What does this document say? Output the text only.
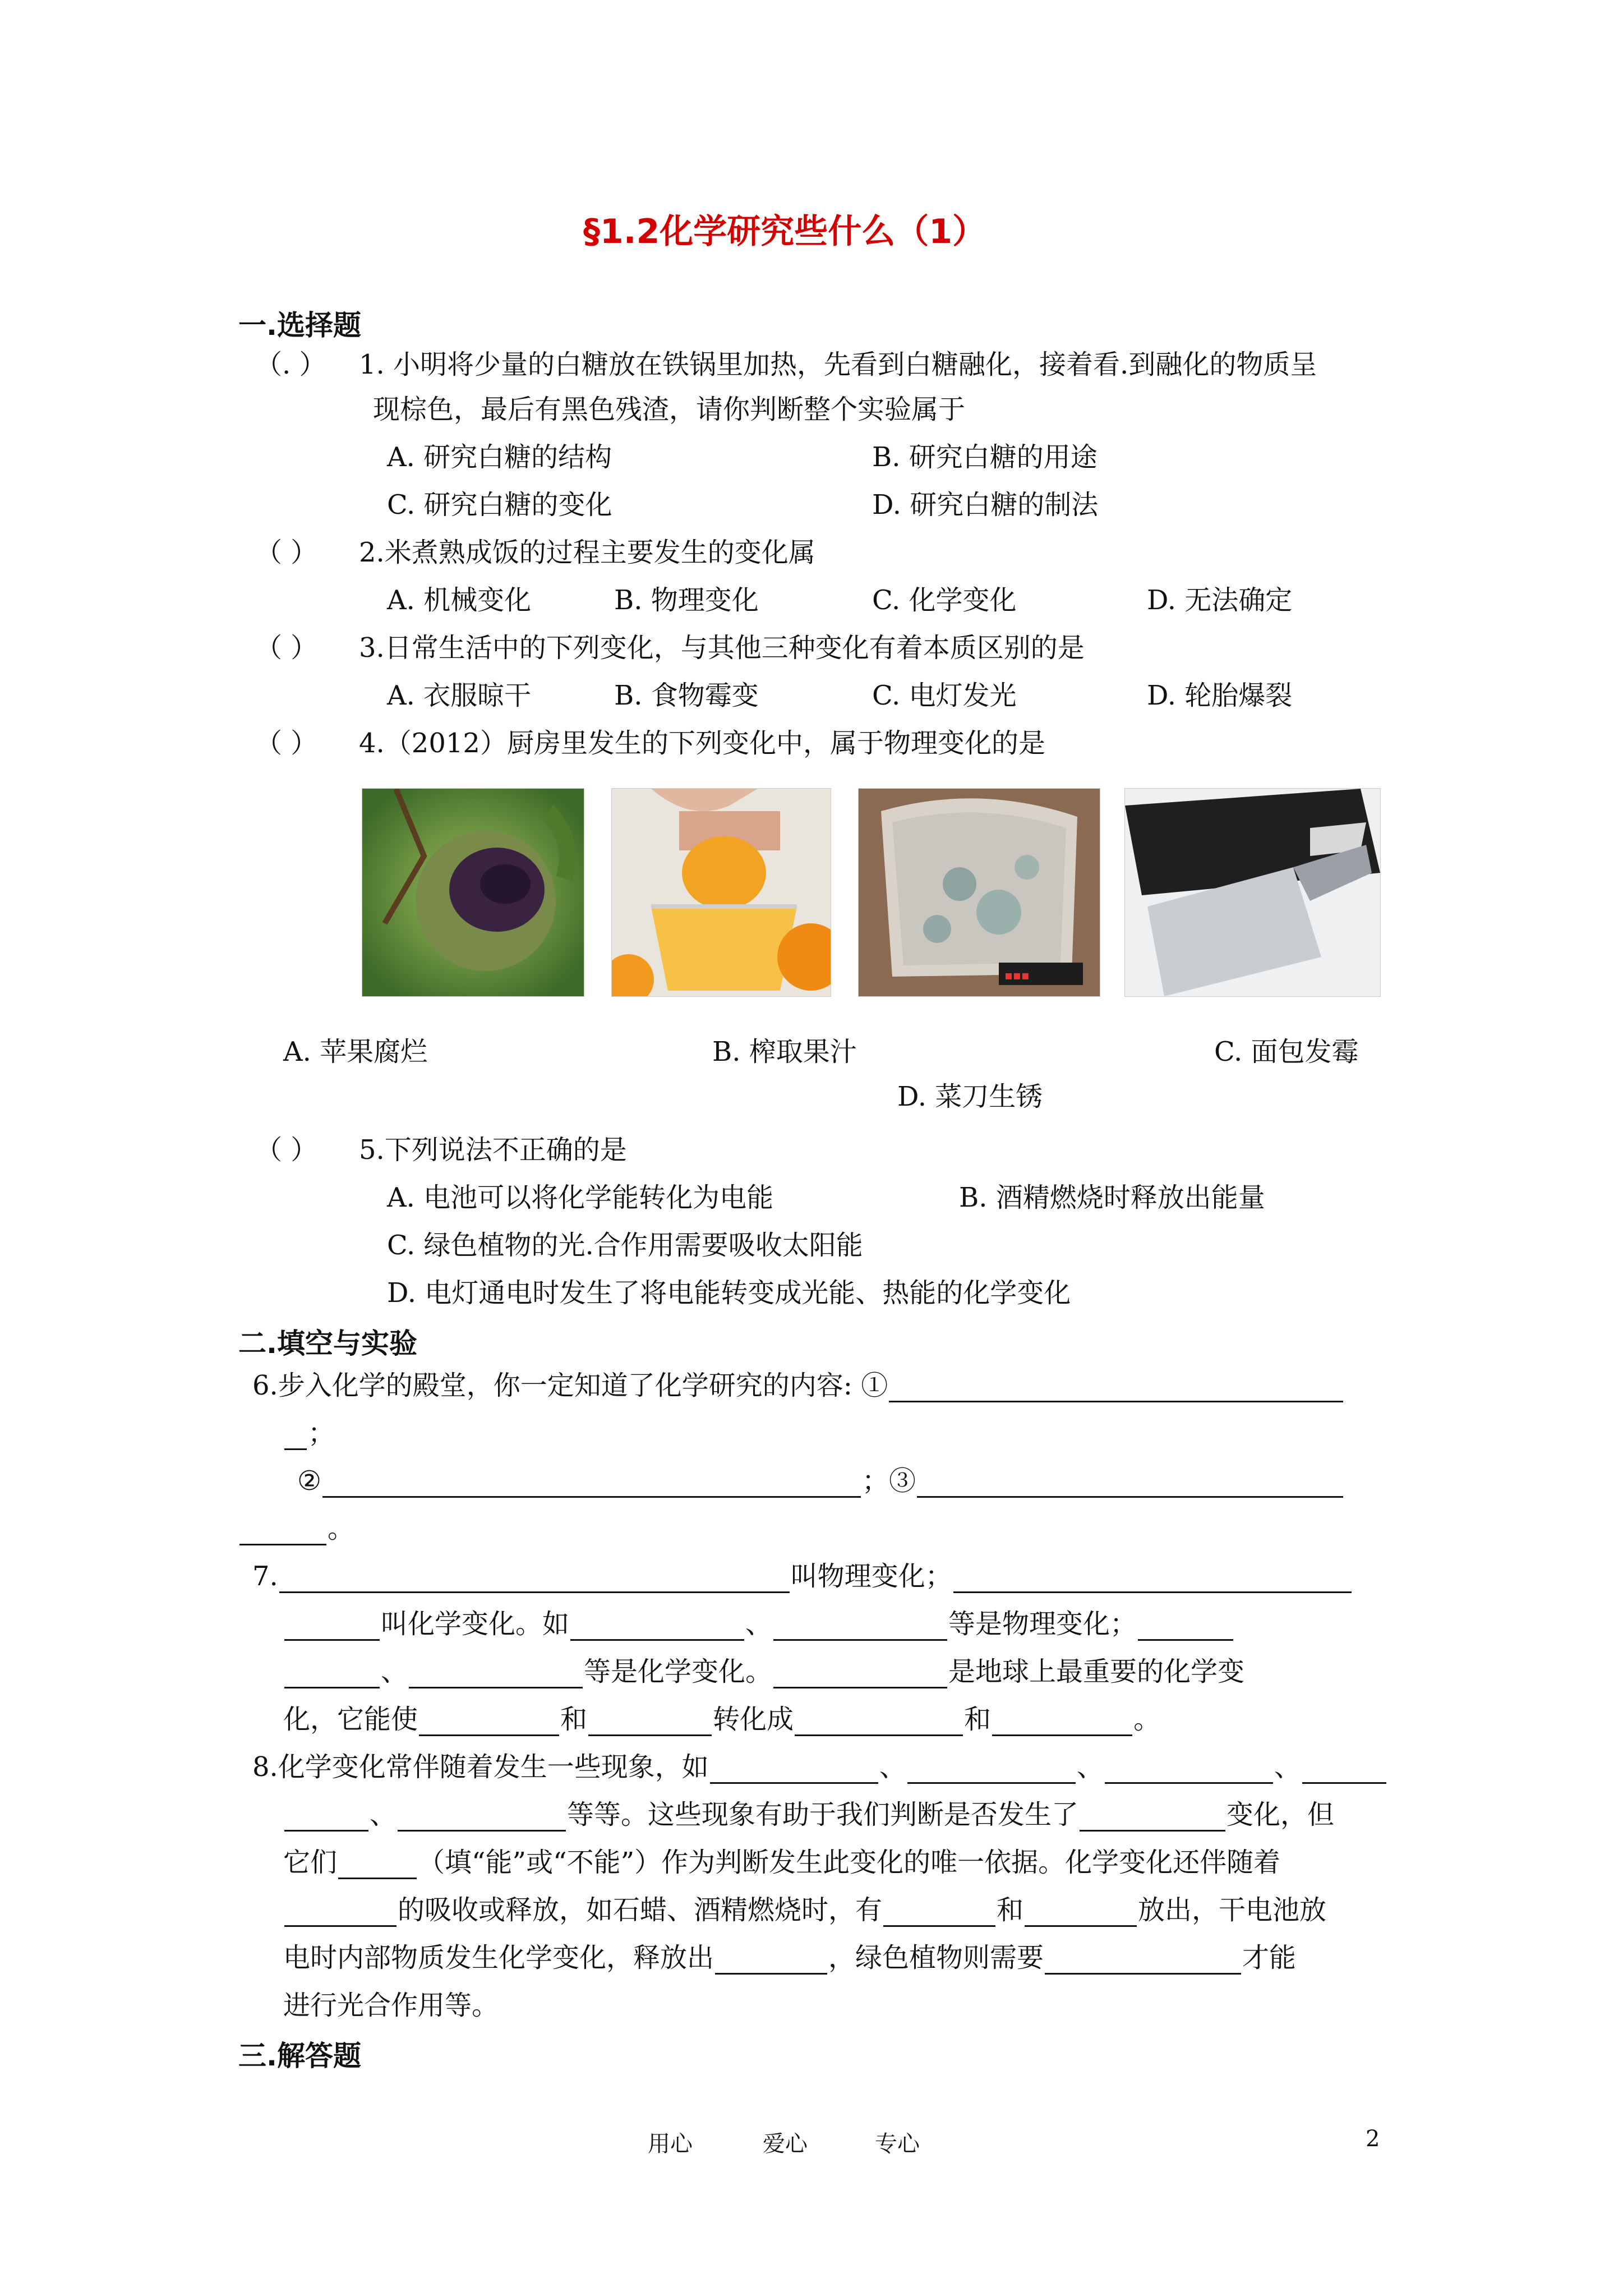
§1.2化学研究些什么（1）
一.选择题
（. ） 1. 小明将少量的白糖放在铁锅里加热，先看到白糖融化，接着看.到融化的物质呈
现棕色，最后有黑色残渣，请你判断整个实验属于
A. 研究白糖的结构	B. 研究白糖的用途
C. 研究白糖的变化	D. 研究白糖的制法
（ ） 2.米煮熟成饭的过程主要发生的变化属
A. 机械变化	B. 物理变化	C. 化学变化	D. 无法确定
（ ） 3.日常生活中的下列变化，与其他三种变化有着本质区别的是
A. 衣服晾干	B. 食物霉变	C. 电灯发光	D. 轮胎爆裂
（ ） 4.（2012）厨房里发生的下列变化中，属于物理变化的是
▪▪▪
A. 苹果腐烂	B. 榨取果汁	C. 面包发霉
D. 菜刀生锈
（ ） 5.下列说法不正确的是
A. 电池可以将化学能转化为电能	B. 酒精燃烧时释放出能量
C. 绿色植物的光.合作用需要吸收太阳能
D. 电灯通电时发生了将电能转变成光能、热能的化学变化
二.填空与实验
6.步入化学的殿堂，你一定知道了化学研究的内容: ①
；
②	；③
。
7.	叫物理变化；
叫化学变化。如	、	等是物理变化；
、	等是化学变化。	是地球上最重要的化学变
化，它能使	和	转化成	和	。
8.化学变化常伴随着发生一些现象，如	、	、	、
、	等等。这些现象有助于我们判断是否发生了	变化，但
它们	（填“能”或“不能”）作为判断发生此变化的唯一依据。化学变化还伴随着
的吸收或释放，如石蜡、酒精燃烧时，有	和	放出，干电池放
电时内部物质发生化学变化，释放出	，绿色植物则需要	才能
进行光合作用等。
三.解答题
用心	爱心	专心	2
